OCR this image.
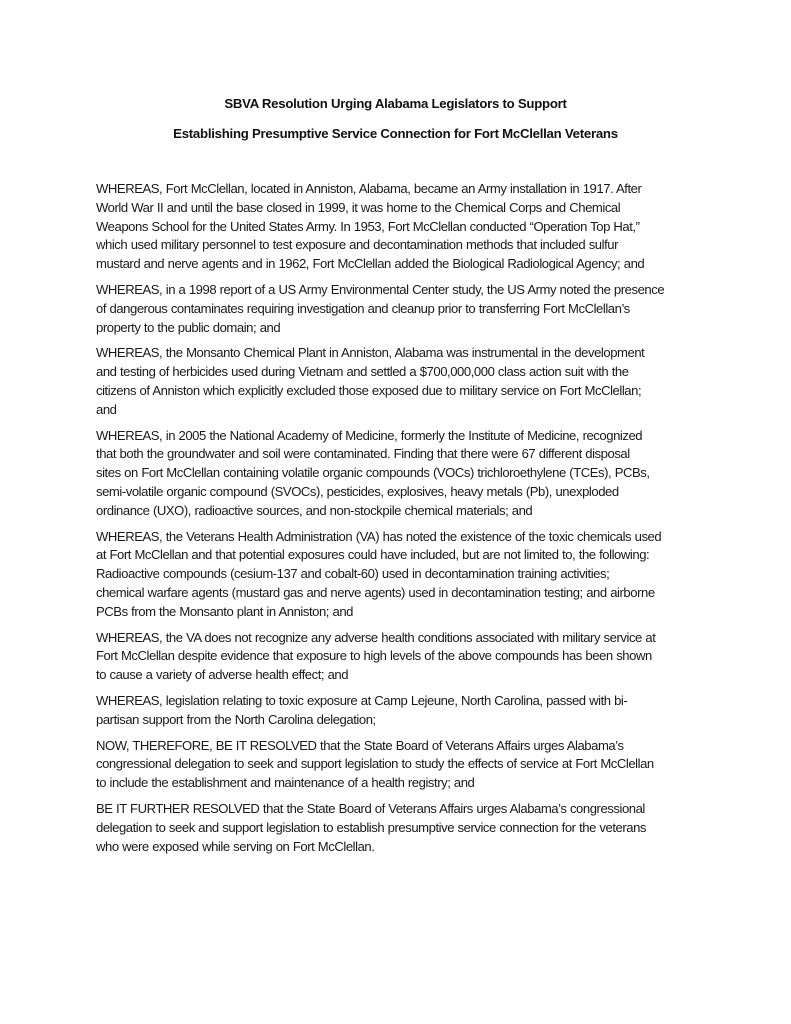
SBVA Resolution Urging Alabama Legislators to Support
Establishing Presumptive Service Connection for Fort McClellan Veterans

WHEREAS, Fort McClellan, located in Anniston, Alabama, became an Army installation in 1917. After
World War II and until the base closed in 1999, it was home to the Chemical Corps and Chemical
Weapons School for the United States Army. In 1953, Fort McClellan conducted “Operation Top Hat,”
which used military personnel to test exposure and decontamination methods that included sulfur
mustard and nerve agents and in 1962, Fort McClellan added the Biological Radiological Agency; and

WHEREAS, in a 1998 report of a US Army Environmental Center study, the US Army noted the presence
of dangerous contaminates requiring investigation and cleanup prior to transferring Fort McClellan’s
property to the public domain; and

WHEREAS, the Monsanto Chemical Plant in Anniston, Alabama was instrumental in the development
and testing of herbicides used during Vietnam and settled a $700,000,000 class action suit with the
citizens of Anniston which explicitly excluded those exposed due to military service on Fort McClellan;
and

WHEREAS, in 2005 the National Academy of Medicine, formerly the Institute of Medicine, recognized
that both the groundwater and soil were contaminated. Finding that there were 67 different disposal
sites on Fort McClellan containing volatile organic compounds (VOCs) trichloroethylene (TCEs), PCBs,
semi-volatile organic compound (SVOCs), pesticides, explosives, heavy metals (Pb), unexploded
ordinance (UXO), radioactive sources, and non-stockpile chemical materials; and

WHEREAS, the Veterans Health Administration (VA) has noted the existence of the toxic chemicals used
at Fort McClellan and that potential exposures could have included, but are not limited to, the following:
Radioactive compounds (cesium-137 and cobalt-60) used in decontamination training activities;
chemical warfare agents (mustard gas and nerve agents) used in decontamination testing; and airborne
PCBs from the Monsanto plant in Anniston; and

WHEREAS, the VA does not recognize any adverse health conditions associated with military service at
Fort McClellan despite evidence that exposure to high levels of the above compounds has been shown
to cause a variety of adverse health effect; and

WHEREAS, legislation relating to toxic exposure at Camp Lejeune, North Carolina, passed with bi-
partisan support from the North Carolina delegation;

NOW, THEREFORE, BE IT RESOLVED that the State Board of Veterans Affairs urges Alabama’s
congressional delegation to seek and support legislation to study the effects of service at Fort McClellan
to include the establishment and maintenance of a health registry; and

BE IT FURTHER RESOLVED that the State Board of Veterans Affairs urges Alabama’s congressional
delegation to seek and support legislation to establish presumptive service connection for the veterans
who were exposed while serving on Fort McClellan.
